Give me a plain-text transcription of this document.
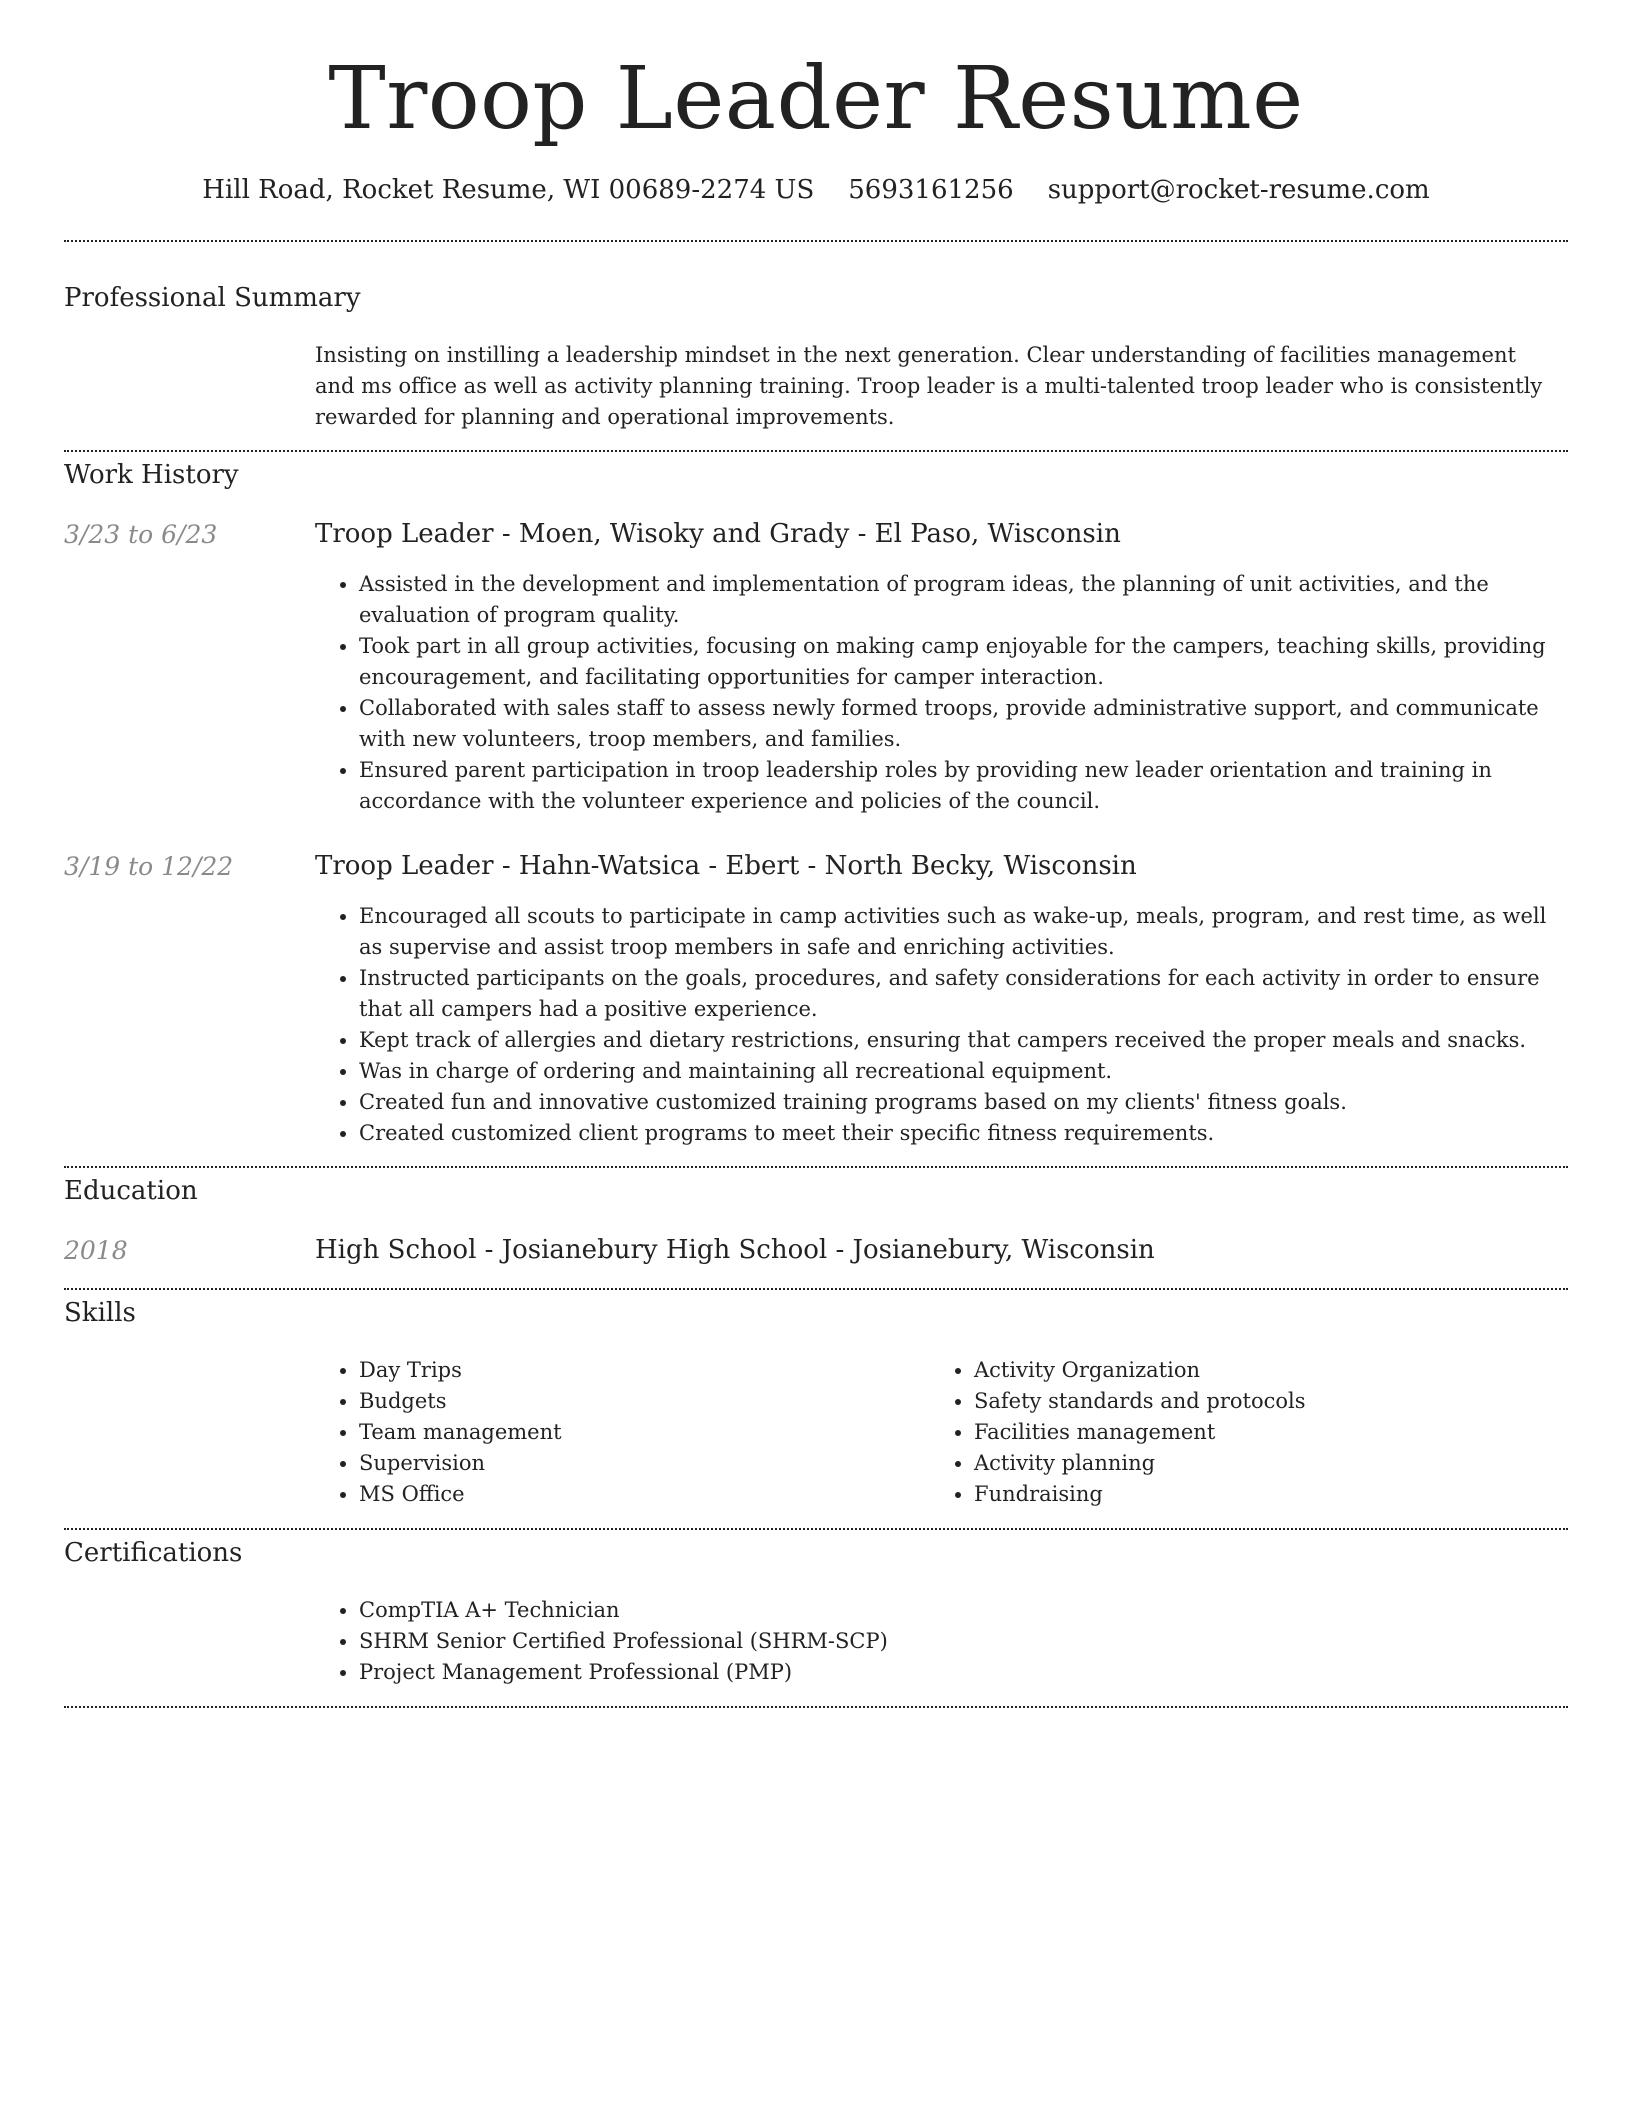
Troop Leader Resume
Hill Road, Rocket Resume, WI 00689-2274 US 5693161256 support@rocket-resume.com
Professional Summary
Insisting on instilling a leadership mindset in the next generation. Clear understanding of facilities management and ms office as well as activity planning training. Troop leader is a multi-talented troop leader who is consistently rewarded for planning and operational improvements.
Work History
3/23 to 6/23	Troop Leader - Moen, Wisoky and Grady - El Paso, Wisconsin
• Assisted in the development and implementation of program ideas, the planning of unit activities, and the evaluation of program quality.
• Took part in all group activities, focusing on making camp enjoyable for the campers, teaching skills, providing encouragement, and facilitating opportunities for camper interaction.
• Collaborated with sales staff to assess newly formed troops, provide administrative support, and communicate with new volunteers, troop members, and families.
• Ensured parent participation in troop leadership roles by providing new leader orientation and training in accordance with the volunteer experience and policies of the council.
3/19 to 12/22	Troop Leader - Hahn-Watsica - Ebert - North Becky, Wisconsin
• Encouraged all scouts to participate in camp activities such as wake-up, meals, program, and rest time, as well as supervise and assist troop members in safe and enriching activities.
• Instructed participants on the goals, procedures, and safety considerations for each activity in order to ensure that all campers had a positive experience.
• Kept track of allergies and dietary restrictions, ensuring that campers received the proper meals and snacks.
• Was in charge of ordering and maintaining all recreational equipment.
• Created fun and innovative customized training programs based on my clients' fitness goals.
• Created customized client programs to meet their specific fitness requirements.
Education
2018	High School - Josianebury High School - Josianebury, Wisconsin
Skills
• Day Trips
• Budgets
• Team management
• Supervision
• MS Office
• Activity Organization
• Safety standards and protocols
• Facilities management
• Activity planning
• Fundraising
Certifications
• CompTIA A+ Technician
• SHRM Senior Certified Professional (SHRM-SCP)
• Project Management Professional (PMP)
